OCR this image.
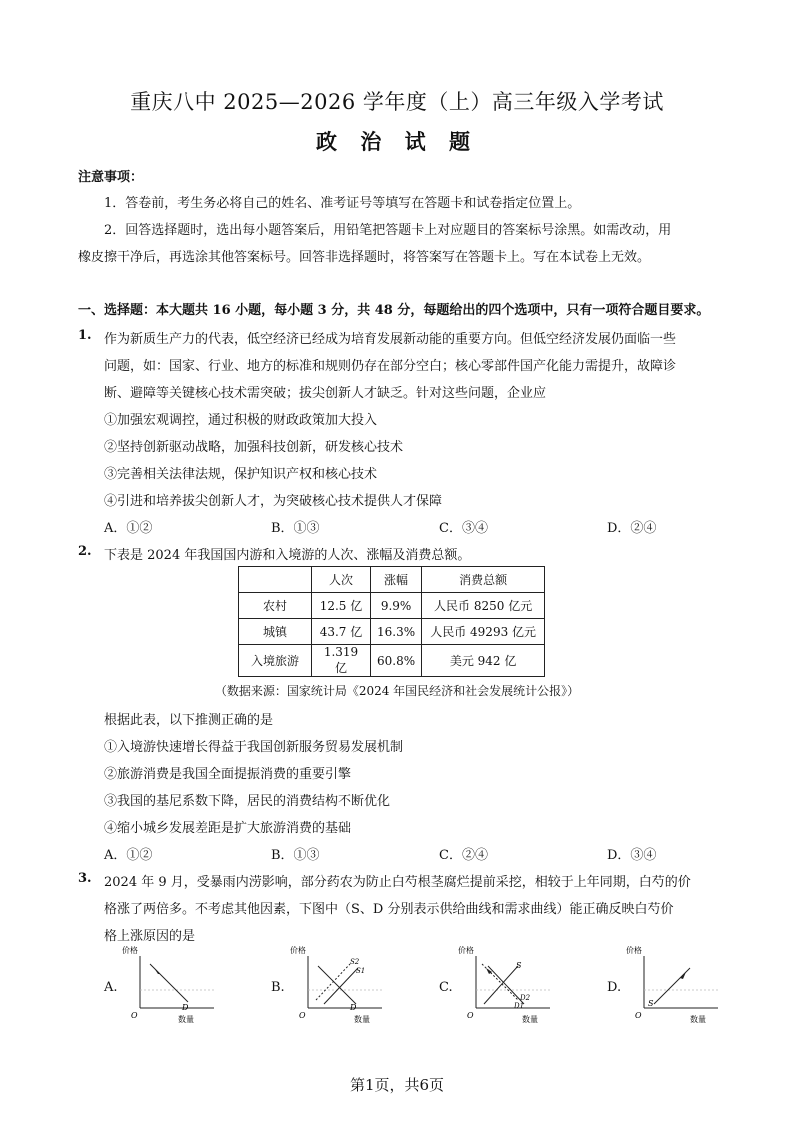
重庆八中 2025—2026 学年度（上）高三年级入学考试
政 治 试 题
注意事项：
1．答卷前，考生务必将自己的姓名、准考证号等填写在答题卡和试卷指定位置上。
2．回答选择题时，选出每小题答案后，用铅笔把答题卡上对应题目的答案标号涂黑。如需改动，用
橡皮擦干净后，再选涂其他答案标号。回答非选择题时，将答案写在答题卡上。写在本试卷上无效。
一、选择题：本大题共 16 小题，每小题 3 分，共 48 分，每题给出的四个选项中，只有一项符合题目要求。
1. 作为新质生产力的代表，低空经济已经成为培育发展新动能的重要方向。但低空经济发展仍面临一些
问题，如：国家、行业、地方的标准和规则仍存在部分空白；核心零部件国产化能力需提升，故障诊
断、避障等关键核心技术需突破；拔尖创新人才缺乏。针对这些问题，企业应
①加强宏观调控，通过积极的财政政策加大投入
②坚持创新驱动战略，加强科技创新，研发核心技术
③完善相关法律法规，保护知识产权和核心技术
④引进和培养拔尖创新人才，为突破核心技术提供人才保障
A．①②	B．①③	C．③④	D．②④
2. 下表是 2024 年我国国内游和入境游的人次、涨幅及消费总额。
	人次	涨幅	消费总额
农村	12.5 亿	9.9%	人民币 8250 亿元
城镇	43.7 亿	16.3%	人民币 49293 亿元
入境旅游	1.319 亿	60.8%	美元 942 亿
（数据来源：国家统计局《2024 年国民经济和社会发展统计公报》）
根据此表，以下推测正确的是
①入境游快速增长得益于我国创新服务贸易发展机制
②旅游消费是我国全面提振消费的重要引擎
③我国的基尼系数下降，居民的消费结构不断优化
④缩小城乡发展差距是扩大旅游消费的基础
A．①②	B．①③	C．②④	D．③④
3. 2024 年 9 月，受暴雨内涝影响，部分药农为防止白芍根茎腐烂提前采挖，相较于上年同期，白芍的价
格涨了两倍多。不考虑其他因素，下图中（S、D 分别表示供给曲线和需求曲线）能正确反映白芍价
格上涨原因的是
A.
价格
D
O	数量
B.
价格
S2
S1
D
O	数量
C.
价格
S
D2
D1
O	数量
D.
价格
S
O	数量
第1页，共6页
